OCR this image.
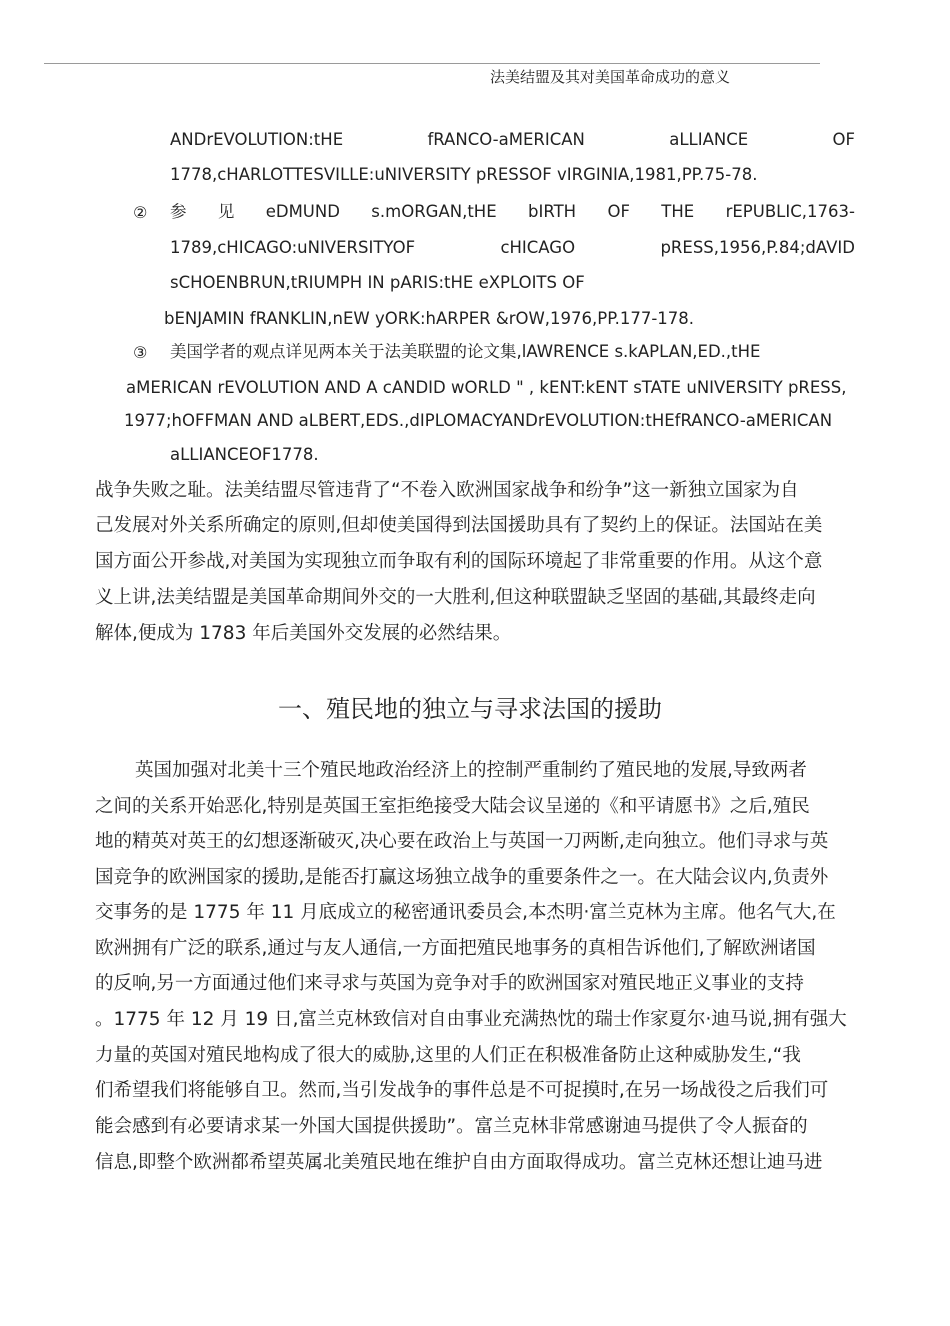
法美结盟及其对美国革命成功的意义
ANDrEVOLUTION:tHE	fRANCO-aMERICAN	aLLIANCE	OF
1778,cHARLOTTESVILLE:uNIVERSITY pRESSOF vIRGINIA,1981,PP.75-78.
② 参 见 eDMUND s.mORGAN,tHE bIRTH OF THE rEPUBLIC,1763-
1789,cHICAGO:uNIVERSITYOF	cHICAGO	pRESS,1956,P.84;dAVID
sCHOENBRUN,tRIUMPH IN pARIS:tHE eXPLOITS OF
bENJAMIN fRANKLIN,nEW yORK:hARPER &rOW,1976,PP.177-178.
③ 美国学者的观点详见两本关于法美联盟的论文集,lAWRENCE s.kAPLAN,ED.,tHE
aMERICAN rEVOLUTION AND A cANDID wORLD " , kENT:kENT sTATE uNIVERSITY pRESS,
1977;hOFFMAN AND aLBERT,EDS.,dIPLOMACYANDrEVOLUTION:tHEfRANCO-aMERICAN
aLLIANCEOF1778.
战争失败之耻。法美结盟尽管违背了“不卷入欧洲国家战争和纷争”这一新独立国家为自
己发展对外关系所确定的原则,但却使美国得到法国援助具有了契约上的保证。法国站在美
国方面公开参战,对美国为实现独立而争取有利的国际环境起了非常重要的作用。从这个意
义上讲,法美结盟是美国革命期间外交的一大胜利,但这种联盟缺乏坚固的基础,其最终走向
解体,便成为 1783 年后美国外交发展的必然结果。
一、殖民地的独立与寻求法国的援助
英国加强对北美十三个殖民地政治经济上的控制严重制约了殖民地的发展,导致两者
之间的关系开始恶化,特别是英国王室拒绝接受大陆会议呈递的《和平请愿书》之后,殖民
地的精英对英王的幻想逐渐破灭,决心要在政治上与英国一刀两断,走向独立。他们寻求与英
国竞争的欧洲国家的援助,是能否打赢这场独立战争的重要条件之一。在大陆会议内,负责外
交事务的是 1775 年 11 月底成立的秘密通讯委员会,本杰明·富兰克林为主席。他名气大,在
欧洲拥有广泛的联系,通过与友人通信,一方面把殖民地事务的真相告诉他们,了解欧洲诸国
的反响,另一方面通过他们来寻求与英国为竞争对手的欧洲国家对殖民地正义事业的支持
。1775 年 12 月 19 日,富兰克林致信对自由事业充满热忱的瑞士作家夏尔·迪马说,拥有强大
力量的英国对殖民地构成了很大的威胁,这里的人们正在积极准备防止这种威胁发生,“我
们希望我们将能够自卫。然而,当引发战争的事件总是不可捉摸时,在另一场战役之后我们可
能会感到有必要请求某一外国大国提供援助”。富兰克林非常感谢迪马提供了令人振奋的
信息,即整个欧洲都希望英属北美殖民地在维护自由方面取得成功。富兰克林还想让迪马进
